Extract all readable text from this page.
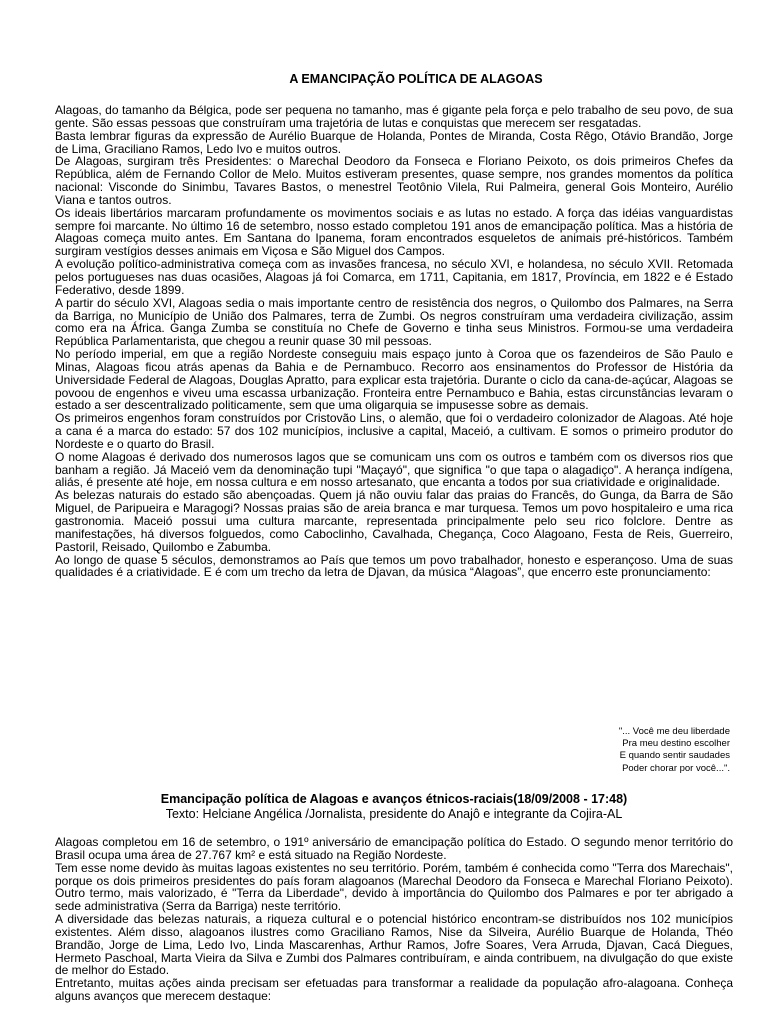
A EMANCIPAÇÃO POLÍTICA DE ALAGOAS

Alagoas, do tamanho da Bélgica, pode ser pequena no tamanho, mas é gigante pela força e pelo trabalho de seu povo, de sua gente. São essas pessoas que construíram uma trajetória de lutas e conquistas que merecem ser resgatadas.

Basta lembrar figuras da expressão de Aurélio Buarque de Holanda, Pontes de Miranda, Costa Rêgo, Otávio Brandão, Jorge de Lima, Graciliano Ramos, Ledo Ivo e muitos outros.

De Alagoas, surgiram três Presidentes: o Marechal Deodoro da Fonseca e Floriano Peixoto, os dois primeiros Chefes da República, além de Fernando Collor de Melo. Muitos estiveram presentes, quase sempre, nos grandes momentos da política nacional: Visconde do Sinimbu, Tavares Bastos, o menestrel Teotônio Vilela, Rui Palmeira, general Gois Monteiro, Aurélio Viana e tantos outros.

Os ideais libertários marcaram profundamente os movimentos sociais e as lutas no estado. A força das idéias vanguardistas sempre foi marcante. No último 16 de setembro, nosso estado completou 191 anos de emancipação política. Mas a história de Alagoas começa muito antes. Em Santana do Ipanema, foram encontrados esqueletos de animais pré-históricos. Também surgiram vestígios desses animais em Viçosa e São Miguel dos Campos.

A evolução político-administrativa começa com as invasões francesa, no século XVI, e holandesa, no século XVII. Retomada pelos portugueses nas duas ocasiões, Alagoas já foi Comarca, em 1711, Capitania, em 1817, Província, em 1822 e é Estado Federativo, desde 1899.

A partir do século XVI, Alagoas sedia o mais importante centro de resistência dos negros, o Quilombo dos Palmares, na Serra da Barriga, no Município de União dos Palmares, terra de Zumbi. Os negros construíram uma verdadeira civilização, assim como era na África. Ganga Zumba se constituía no Chefe de Governo e tinha seus Ministros. Formou-se uma verdadeira República Parlamentarista, que chegou a reunir quase 30 mil pessoas.

No período imperial, em que a região Nordeste conseguiu mais espaço junto à Coroa que os fazendeiros de São Paulo e Minas, Alagoas ficou atrás apenas da Bahia e de Pernambuco. Recorro aos ensinamentos do Professor de História da Universidade Federal de Alagoas, Douglas Apratto, para explicar esta trajetória. Durante o ciclo da cana-de-açúcar, Alagoas se povoou de engenhos e viveu uma escassa urbanização. Fronteira entre Pernambuco e Bahia, estas circunstâncias levaram o estado a ser descentralizado politicamente, sem que uma oligarquia se impusesse sobre as demais.

Os primeiros engenhos foram construídos por Cristovão Lins, o alemão, que foi o verdadeiro colonizador de Alagoas. Até hoje a cana é a marca do estado: 57 dos 102 municípios, inclusive a capital, Maceió, a cultivam. E somos o primeiro produtor do Nordeste e o quarto do Brasil.

O nome Alagoas é derivado dos numerosos lagos que se comunicam uns com os outros e também com os diversos rios que banham a região. Já Maceió vem da denominação tupi "Maçayó", que significa "o que tapa o alagadiço". A herança indígena, aliás, é presente até hoje, em nossa cultura e em nosso artesanato, que encanta a todos por sua criatividade e originalidade.

As belezas naturais do estado são abençoadas. Quem já não ouviu falar das praias do Francês, do Gunga, da Barra de São Miguel, de Paripueira e Maragogi? Nossas praias são de areia branca e mar turquesa. Temos um povo hospitaleiro e uma rica gastronomia. Maceió possui uma cultura marcante, representada principalmente pelo seu rico folclore. Dentre as manifestações, há diversos folguedos, como Caboclinho, Cavalhada, Chegança, Coco Alagoano, Festa de Reis, Guerreiro, Pastoril, Reisado, Quilombo e Zabumba.

Ao longo de quase 5 séculos, demonstramos ao País que temos um povo trabalhador, honesto e esperançoso. Uma de suas qualidades é a criatividade. E é com um trecho da letra de Djavan, da música “Alagoas”, que encerro este pronunciamento:

"... Você me deu liberdade
Pra meu destino escolher
E quando sentir saudades
Poder chorar por você...".
Emancipação política de Alagoas e avanços étnicos-raciais(18/09/2008 - 17:48)
Texto: Helciane Angélica /Jornalista, presidente do Anajô e integrante da Cojira-AL

Alagoas completou em 16 de setembro, o 191º aniversário de emancipação política do Estado. O segundo menor território do Brasil ocupa uma área de 27.767 km² e está situado na Região Nordeste.

Tem esse nome devido às muitas lagoas existentes no seu território. Porém, também é conhecida como "Terra dos Marechais", porque os dois primeiros presidentes do país foram alagoanos (Marechal Deodoro da Fonseca e Marechal Floriano Peixoto). Outro termo, mais valorizado, é "Terra da Liberdade", devido à importância do Quilombo dos Palmares e por ter abrigado a sede administrativa (Serra da Barriga) neste território.

A diversidade das belezas naturais, a riqueza cultural e o potencial histórico encontram-se distribuídos nos 102 municípios existentes. Além disso, alagoanos ilustres como Graciliano Ramos, Nise da Silveira, Aurélio Buarque de Holanda, Théo Brandão, Jorge de Lima, Ledo Ivo, Linda Mascarenhas, Arthur Ramos, Jofre Soares, Vera Arruda, Djavan, Cacá Diegues, Hermeto Paschoal, Marta Vieira da Silva e Zumbi dos Palmares contribuíram, e ainda contribuem, na divulgação do que existe de melhor do Estado.

Entretanto, muitas ações ainda precisam ser efetuadas para transformar a realidade da população afro-alagoana. Conheça alguns avanços que merecem destaque:
